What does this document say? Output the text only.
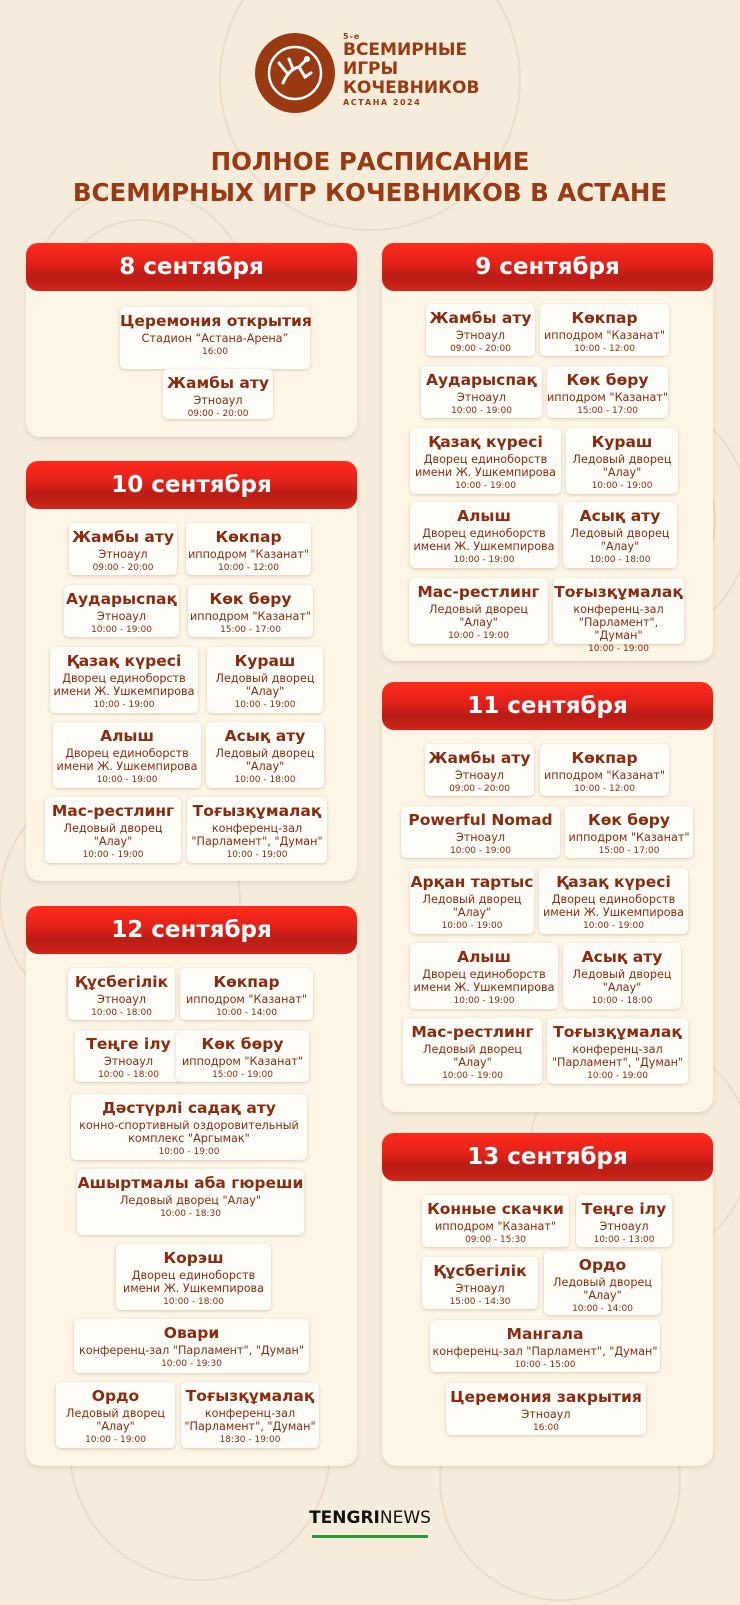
5-е
ВСЕМИРНЫЕ
ИГРЫ
КОЧЕВНИКОВ
АСТАНА 2024
ПОЛНОЕ РАСПИСАНИЕ
ВСЕМИРНЫХ ИГР КОЧЕВНИКОВ В АСТАНЕ
8 сентября
Церемония открытия
Стадион “Астана-Арена”
16:00
Жамбы ату
Этноаул
09:00 - 20:00
9 сентября
Жамбы ату
Этноаул
09:00 - 20:00
Көкпар
ипподром "Казанат"
10:00 - 12:00
Аударыспақ
Этноаул
10:00 - 19:00
Көк бөру
ипподром "Казанат"
15:00 - 17:00
Қазақ күресі
Дворец единоборств имени Ж. Ушкемпирова
10:00 - 19:00
Кураш
Ледовый дворец "Алау"
10:00 - 19:00
Алыш
Дворец единоборств имени Ж. Ушкемпирова
10:00 - 19:00
Асық ату
Ледовый дворец "Алау"
10:00 - 18:00
Мас-рестлинг
Ледовый дворец "Алау"
10:00 - 19:00
Тоғызқұмалақ
конференц-зал "Парламент", "Думан"
10:00 - 19:00
10 сентября
Жамбы ату
Этноаул
09:00 - 20:00
Көкпар
ипподром "Казанат"
10:00 - 12:00
Аударыспақ
Этноаул
10:00 - 19:00
Көк бөру
ипподром "Казанат"
15:00 - 17:00
Қазақ күресі
Дворец единоборств имени Ж. Ушкемпирова
10:00 - 19:00
Кураш
Ледовый дворец "Алау"
10:00 - 19:00
Алыш
Дворец единоборств имени Ж. Ушкемпирова
10:00 - 19:00
Асық ату
Ледовый дворец "Алау"
10:00 - 18:00
Мас-рестлинг
Ледовый дворец "Алау"
10:00 - 19:00
Тоғызқұмалақ
конференц-зал "Парламент", "Думан"
10:00 - 19:00
11 сентября
Жамбы ату
Этноаул
09:00 - 20:00
Көкпар
ипподром "Казанат"
10:00 - 12:00
Powerful Nomad
Этноаул
10:00 - 19:00
Көк бөру
ипподром "Казанат"
15:00 - 17:00
Арқан тартыс
Ледовый дворец "Алау"
10:00 - 19:00
Қазақ күресі
Дворец единоборств имени Ж. Ушкемпирова
10:00 - 19:00
Алыш
Дворец единоборств имени Ж. Ушкемпирова
10:00 - 19:00
Асық ату
Ледовый дворец "Алау"
10:00 - 18:00
Мас-рестлинг
Ледовый дворец "Алау"
10:00 - 19:00
Тоғызқұмалақ
конференц-зал "Парламент", "Думан"
10:00 - 19:00
12 сентября
Құсбегілік
Этноаул
10:00 - 18:00
Көкпар
ипподром "Казанат"
10:00 - 14:00
Теңге ілу
Этноаул
10:00 - 18:00
Көк бөру
ипподром "Казанат"
15:00 - 19:00
Дәстүрлі садақ ату
конно-спортивный оздоровительный комплекс "Аргымак"
10:00 - 19:00
Ашыртмалы аба гюреши
Ледовый дворец "Алау"
10:00 - 18:30
Корэш
Дворец единоборств имени Ж. Ушкемпирова
10:00 - 18:00
Овари
конференц-зал "Парламент", "Думан"
10:00 - 19:30
Ордо
Ледовый дворец "Алау"
10:00 - 19:00
Тоғызқұмалақ
конференц-зал "Парламент", "Думан"
18:30 - 19:00
13 сентября
Конные скачки
ипподром "Казанат"
09:00 - 15:30
Теңге ілу
Этноаул
10:00 - 13:00
Құсбегілік
Этноаул
15:00 - 14:30
Ордо
Ледовый дворец "Алау"
10:00 - 14:00
Мангала
конференц-зал "Парламент", "Думан"
10:00 - 15:00
Церемония закрытия
Этноаул
16:00
TENGRINEWS
